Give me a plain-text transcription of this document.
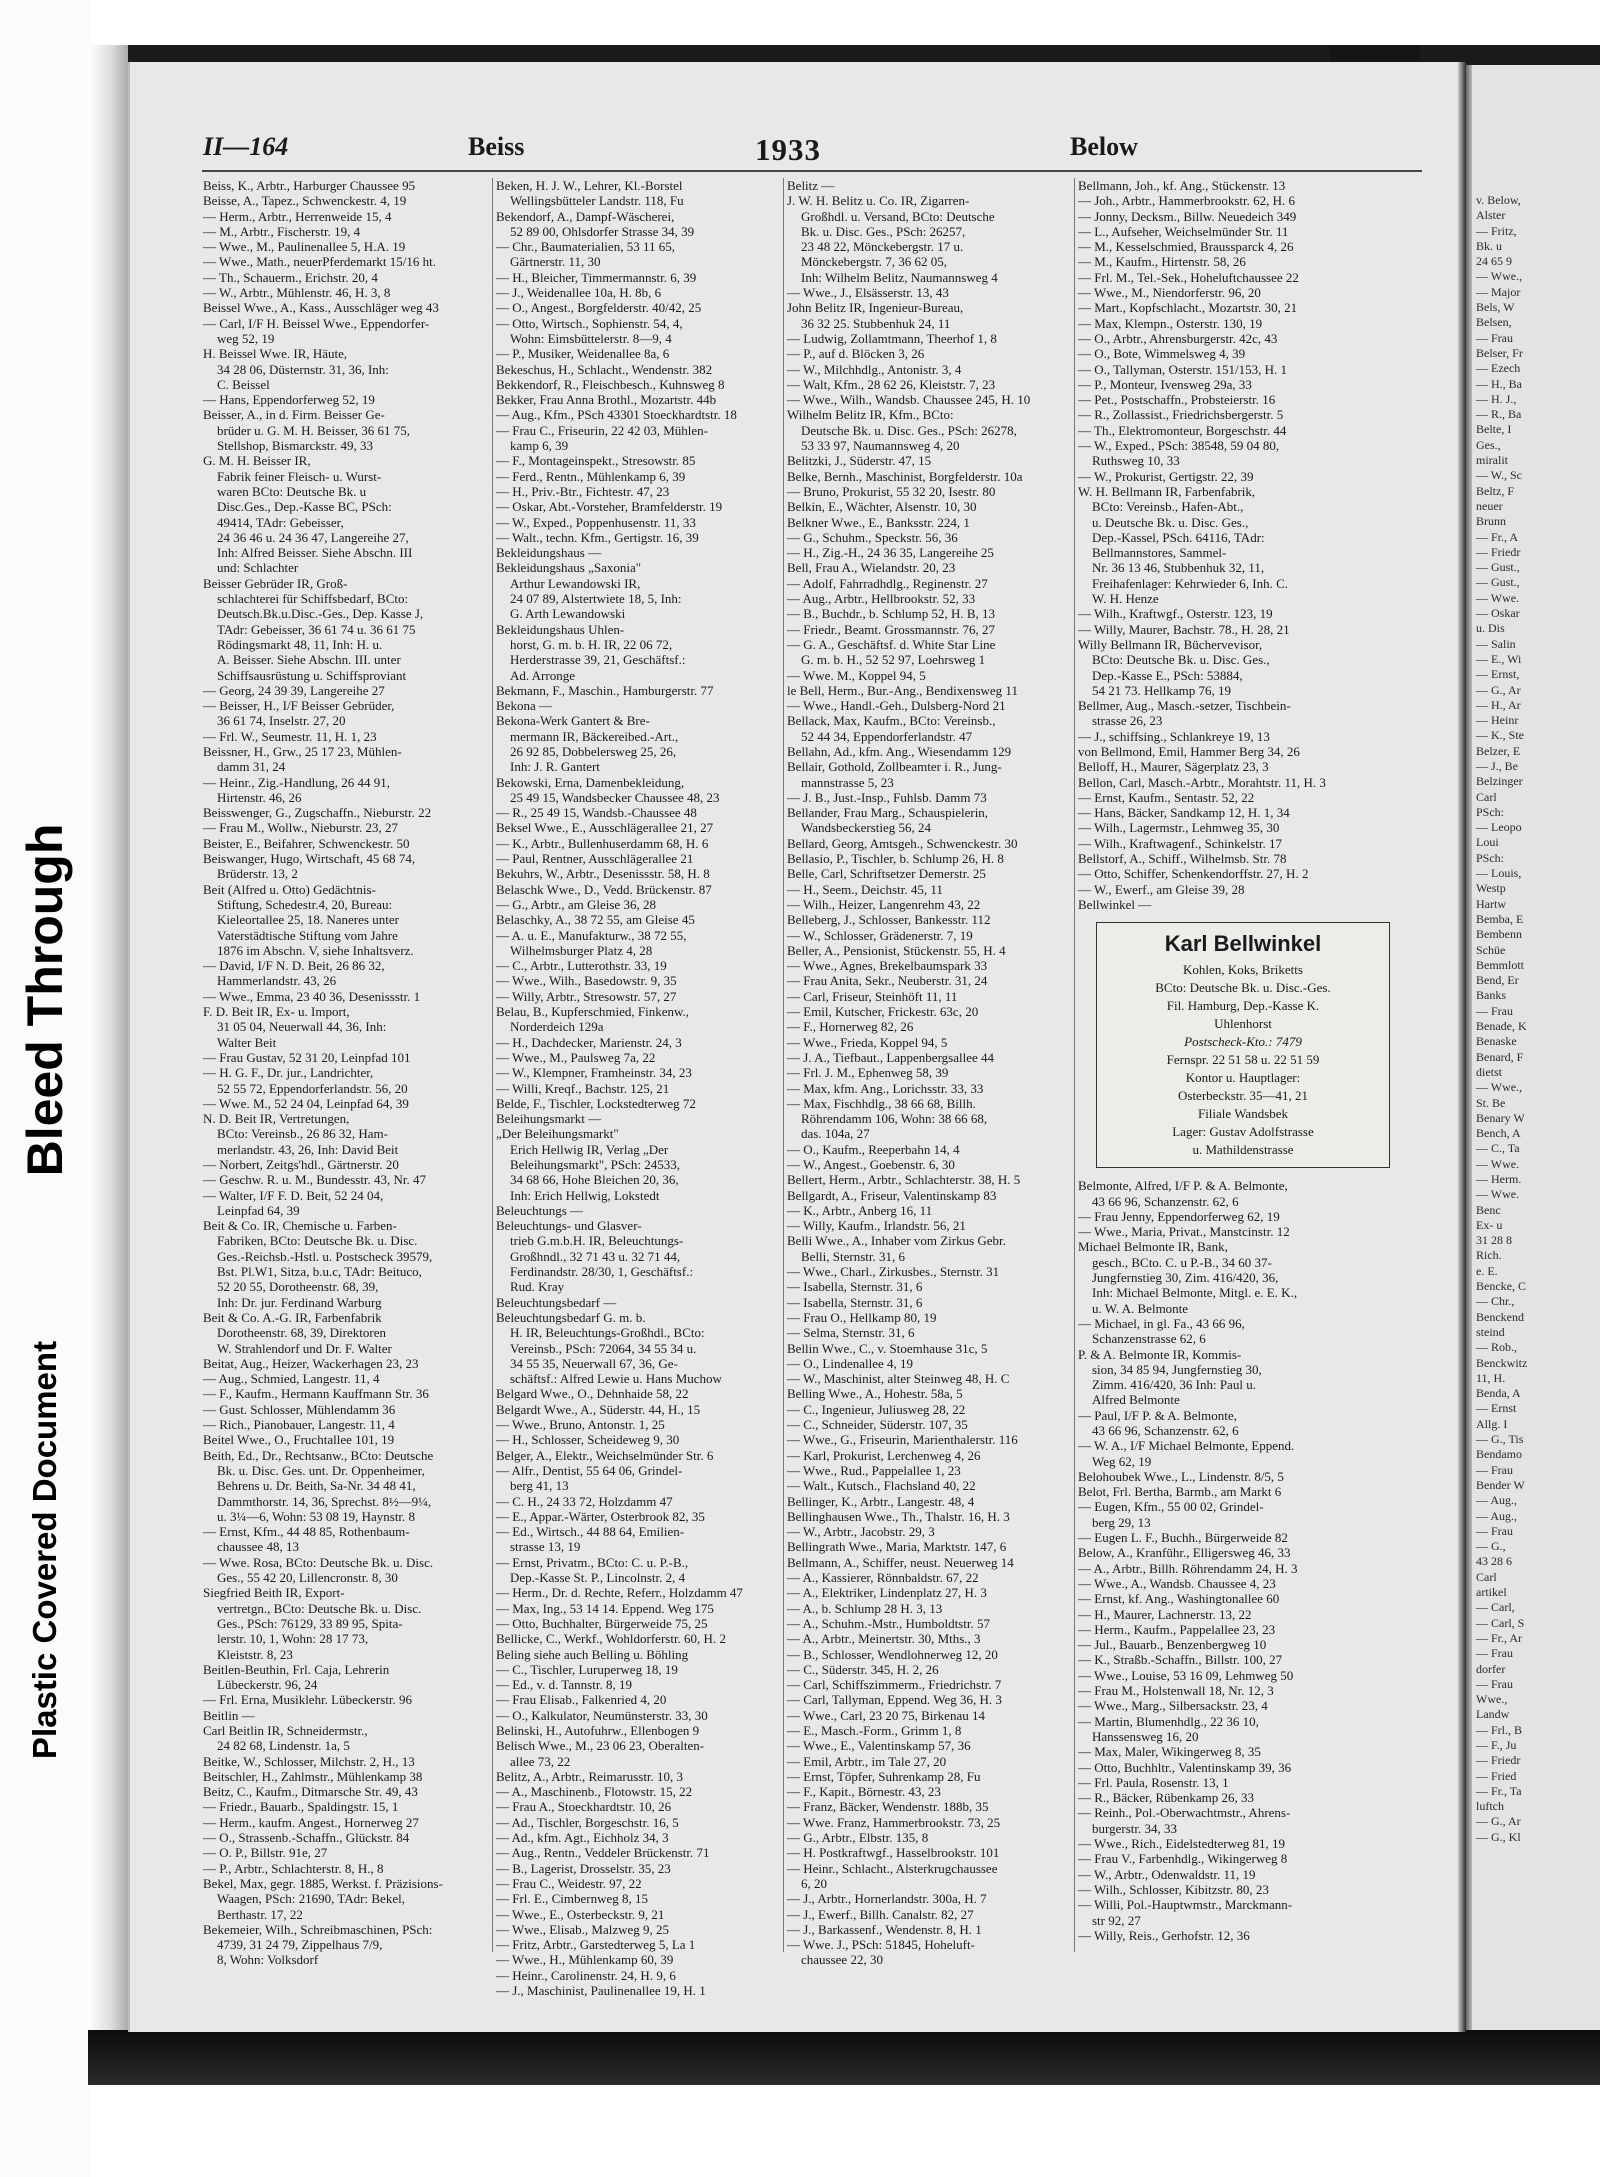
Bleed Through
Plastic Covered Document
v. Below,
Alster
— Fritz,
Bk. u
24 65 9
— Wwe.,
— Major
Bels, W
Belsen,
— Frau
Belser, Fr
— Ezech
— H., Ba
— H. J.,
— R., Ba
Belte, I
Ges.,
miralit
— W., Sc
Beltz, F
neuer
Brunn
— Fr., A
— Friedr
— Gust.,
— Gust.,
— Wwe.
— Oskar
u. Dis
— Salin
— E., Wi
— Ernst,
— G., Ar
— H., Ar
— Heinr
— K., Ste
Belzer, E
— J., Be
Belzinger
Carl
PSch:
— Leopo
Loui
PSch:
— Louis,
Westp
Hartw
Bemba, E
Bembenn
Schüe
Bemmlott
Bend, Er
Banks
— Frau
Benade, K
Benaske
Benard, F
dietst
— Wwe.,
St. Be
Benary W
Bench, A
— C., Ta
— Wwe.
— Herm.
— Wwe.
Benc
Ex- u
31 28 8
Rich.
e. E.
Bencke, C
— Chr.,
Benckend
steind
— Rob.,
Benckwitz
11, H.
Benda, A
— Ernst
Allg. I
— G., Tis
Bendamo
— Frau
Bender W
— Aug.,
— Aug.,
— Frau
— G.,
43 28 6
Carl
artikel
— Carl,
— Carl, S
— Fr., Ar
— Frau
dorfer
— Frau
Wwe.,
Landw
— Frl., B
— F., Ju
— Friedr
— Fried
— Fr., Ta
luftch
— G., Ar
— G., Kl
II—164	Beiss	1933	Below
Beiss, K., Arbtr., Harburger Chaussee 95
Beisse, A., Tapez., Schwenckestr. 4, 19
— Herm., Arbtr., Herrenweide 15, 4
— M., Arbtr., Fischerstr. 19, 4
— Wwe., M., Paulinenallee 5, H.A. 19
— Wwe., Math., neuerPferdemarkt 15/16 ht.
— Th., Schauerm., Erichstr. 20, 4
— W., Arbtr., Mühlenstr. 46, H. 3, 8
Beissel Wwe., A., Kass., Ausschläger weg 43
— Carl, I/F H. Beissel Wwe., Eppendorfer-
weg 52, 19
H. Beissel Wwe. IR, Häute,
34 28 06, Düsternstr. 31, 36, Inh:
C. Beissel
— Hans, Eppendorferweg 52, 19
Beisser, A., in d. Firm. Beisser Ge-
brüder u. G. M. H. Beisser, 36 61 75,
Stellshop, Bismarckstr. 49, 33
G. M. H. Beisser IR,
Fabrik feiner Fleisch- u. Wurst-
waren BCto: Deutsche Bk. u
Disc.Ges., Dep.-Kasse BC, PSch:
49414, TAdr: Gebeisser,
24 36 46 u. 24 36 47, Langereihe 27,
Inh: Alfred Beisser. Siehe Abschn. III
und: Schlachter
Beisser Gebrüder IR, Groß-
schlachterei für Schiffsbedarf, BCto:
Deutsch.Bk.u.Disc.-Ges., Dep. Kasse J,
TAdr: Gebeisser, 36 61 74 u. 36 61 75
Rödingsmarkt 48, 11, Inh: H. u.
A. Beisser. Siehe Abschn. III. unter
Schiffsausrüstung u. Schiffsproviant
— Georg, 24 39 39, Langereihe 27
— Beisser, H., I/F Beisser Gebrüder,
36 61 74, Inselstr. 27, 20
— Frl. W., Seumestr. 11, H. 1, 23
Beissner, H., Grw., 25 17 23, Mühlen-
damm 31, 24
— Heinr., Zig.-Handlung, 26 44 91,
Hirtenstr. 46, 26
Beisswenger, G., Zugschaffn., Nieburstr. 22
— Frau M., Wollw., Nieburstr. 23, 27
Beister, E., Beifahrer, Schwenckestr. 50
Beiswanger, Hugo, Wirtschaft, 45 68 74,
Brüderstr. 13, 2
Beit (Alfred u. Otto) Gedächtnis-
Stiftung, Schedestr.4, 20, Bureau:
Kieleortallee 25, 18. Naneres unter
Vaterstädtische Stiftung vom Jahre
1876 im Abschn. V, siehe Inhaltsverz.
— David, I/F N. D. Beit, 26 86 32,
Hammerlandstr. 43, 26
— Wwe., Emma, 23 40 36, Desenissstr. 1
F. D. Beit IR, Ex- u. Import,
31 05 04, Neuerwall 44, 36, Inh:
Walter Beit
— Frau Gustav, 52 31 20, Leinpfad 101
— H. G. F., Dr. jur., Landrichter,
52 55 72, Eppendorferlandstr. 56, 20
— Wwe. M., 52 24 04, Leinpfad 64, 39
N. D. Beit IR, Vertretungen,
BCto: Vereinsb., 26 86 32, Ham-
merlandstr. 43, 26, Inh: David Beit
— Norbert, Zeitgs'hdl., Gärtnerstr. 20
— Geschw. R. u. M., Bundesstr. 43, Nr. 47
— Walter, I/F F. D. Beit, 52 24 04,
Leinpfad 64, 39
Beit & Co. IR, Chemische u. Farben-
Fabriken, BCto: Deutsche Bk. u. Disc.
Ges.-Reichsb.-Hstl. u. Postscheck 39579,
Bst. Pl.W1, Sitza, b.u.c, TAdr: Beituco,
52 20 55, Dorotheenstr. 68, 39,
Inh: Dr. jur. Ferdinand Warburg
Beit & Co. A.-G. IR, Farbenfabrik
Dorotheenstr. 68, 39, Direktoren
W. Strahlendorf und Dr. F. Walter
Beitat, Aug., Heizer, Wackerhagen 23, 23
— Aug., Schmied, Langestr. 11, 4
— F., Kaufm., Hermann Kauffmann Str. 36
— Gust. Schlosser, Mühlendamm 36
— Rich., Pianobauer, Langestr. 11, 4
Beitel Wwe., O., Fruchtallee 101, 19
Beith, Ed., Dr., Rechtsanw., BCto: Deutsche
Bk. u. Disc. Ges. unt. Dr. Oppenheimer,
Behrens u. Dr. Beith, Sa-Nr. 34 48 41,
Dammthorstr. 14, 36, Sprechst. 8½—9¼,
u. 3¼—6, Wohn: 53 08 19, Haynstr. 8
— Ernst, Kfm., 44 48 85, Rothenbaum-
chaussee 48, 13
— Wwe. Rosa, BCto: Deutsche Bk. u. Disc.
Ges., 55 42 20, Lillencronstr. 8, 30
Siegfried Beith IR, Export-
vertretgn., BCto: Deutsche Bk. u. Disc.
Ges., PSch: 76129, 33 89 95, Spita-
lerstr. 10, 1, Wohn: 28 17 73,
Kleiststr. 8, 23
Beitlen-Beuthin, Frl. Caja, Lehrerin
Lübeckerstr. 96, 24
— Frl. Erna, Musiklehr. Lübeckerstr. 96
Beitlin —
Carl Beitlin IR, Schneidermstr.,
24 82 68, Lindenstr. 1a, 5
Beitke, W., Schlosser, Milchstr. 2, H., 13
Beitschler, H., Zahlmstr., Mühlenkamp 38
Beitz, C., Kaufm., Ditmarsche Str. 49, 43
— Friedr., Bauarb., Spaldingstr. 15, 1
— Herm., kaufm. Angest., Hornerweg 27
— O., Strassenb.-Schaffn., Glückstr. 84
— O. P., Billstr. 91e, 27
— P., Arbtr., Schlachterstr. 8, H., 8
Bekel, Max, gegr. 1885, Werkst. f. Präzisions-
Waagen, PSch: 21690, TAdr: Bekel,
Berthastr. 17, 22
Bekemeier, Wilh., Schreibmaschinen, PSch:
4739, 31 24 79, Zippelhaus 7/9,
8, Wohn: Volksdorf
Beken, H. J. W., Lehrer, Kl.-Borstel
Wellingsbütteler Landstr. 118, Fu
Bekendorf, A., Dampf-Wäscherei,
52 89 00, Ohlsdorfer Strasse 34, 39
— Chr., Baumaterialien, 53 11 65,
Gärtnerstr. 11, 30
— H., Bleicher, Timmermannstr. 6, 39
— J., Weidenallee 10a, H. 8b, 6
— O., Angest., Borgfelderstr. 40/42, 25
— Otto, Wirtsch., Sophienstr. 54, 4,
Wohn: Eimsbüttelerstr. 8—9, 4
— P., Musiker, Weidenallee 8a, 6
Bekeschus, H., Schlacht., Wendenstr. 382
Bekkendorf, R., Fleischbesch., Kuhnsweg 8
Bekker, Frau Anna Brothl., Mozartstr. 44b
— Aug., Kfm., PSch 43301 Stoeckhardtstr. 18
— Frau C., Friseurin, 22 42 03, Mühlen-
kamp 6, 39
— F., Montageinspekt., Stresowstr. 85
— Ferd., Rentn., Mühlenkamp 6, 39
— H., Priv.-Btr., Fichtestr. 47, 23
— Oskar, Abt.-Vorsteher, Bramfelderstr. 19
— W., Exped., Poppenhusenstr. 11, 33
— Walt., techn. Kfm., Gertigstr. 16, 39
Bekleidungshaus —
Bekleidungshaus „Saxonia"
Arthur Lewandowski IR,
24 07 89, Alstertwiete 18, 5, Inh:
G. Arth Lewandowski
Bekleidungshaus Uhlen-
horst, G. m. b. H. IR, 22 06 72,
Herderstrasse 39, 21, Geschäftsf.:
Ad. Arronge
Bekmann, F., Maschin., Hamburgerstr. 77
Bekona —
Bekona-Werk Gantert & Bre-
mermann IR, Bäckereibed.-Art.,
26 92 85, Dobbelersweg 25, 26,
Inh: J. R. Gantert
Bekowski, Erna, Damenbekleidung,
25 49 15, Wandsbecker Chaussee 48, 23
— R., 25 49 15, Wandsb.-Chaussee 48
Beksel Wwe., E., Ausschlägerallee 21, 27
— K., Arbtr., Bullenhuserdamm 68, H. 6
— Paul, Rentner, Ausschlägerallee 21
Bekuhrs, W., Arbtr., Desenissstr. 58, H. 8
Belaschk Wwe., D., Vedd. Brückenstr. 87
— G., Arbtr., am Gleise 36, 28
Belaschky, A., 38 72 55, am Gleise 45
— A. u. E., Manufakturw., 38 72 55,
Wilhelmsburger Platz 4, 28
— C., Arbtr., Lutterothstr. 33, 19
— Wwe., Wilh., Basedowstr. 9, 35
— Willy, Arbtr., Stresowstr. 57, 27
Belau, B., Kupferschmied, Finkenw.,
Norderdeich 129a
— H., Dachdecker, Marienstr. 24, 3
— Wwe., M., Paulsweg 7a, 22
— W., Klempner, Framheinstr. 34, 23
— Willi, Kreqf., Bachstr. 125, 21
Belde, F., Tischler, Lockstedterweg 72
Beleihungsmarkt —
„Der Beleihungsmarkt"
Erich Hellwig IR, Verlag „Der
Beleihungsmarkt", PSch: 24533,
34 68 66, Hohe Bleichen 20, 36,
Inh: Erich Hellwig, Lokstedt
Beleuchtungs —
Beleuchtungs- und Glasver-
trieb G.m.b.H. IR, Beleuchtungs-
Großhndl., 32 71 43 u. 32 71 44,
Ferdinandstr. 28/30, 1, Geschäftsf.:
Rud. Kray
Beleuchtungsbedarf —
Beleuchtungsbedarf G. m. b.
H. IR, Beleuchtungs-Großhdl., BCto:
Vereinsb., PSch: 72064, 34 55 34 u.
34 55 35, Neuerwall 67, 36, Ge-
schäftsf.: Alfred Lewie u. Hans Muchow
Belgard Wwe., O., Dehnhaide 58, 22
Belgardt Wwe., A., Süderstr. 44, H., 15
— Wwe., Bruno, Antonstr. 1, 25
— H., Schlosser, Scheideweg 9, 30
Belger, A., Elektr., Weichselmünder Str. 6
— Alfr., Dentist, 55 64 06, Grindel-
berg 41, 13
— C. H., 24 33 72, Holzdamm 47
— E., Appar.-Wärter, Osterbrook 82, 35
— Ed., Wirtsch., 44 88 64, Emilien-
strasse 13, 19
— Ernst, Privatm., BCto: C. u. P.-B.,
Dep.-Kasse St. P., Lincolnstr. 2, 4
— Herm., Dr. d. Rechte, Referr., Holzdamm 47
— Max, Ing., 53 14 14. Eppend. Weg 175
— Otto, Buchhalter, Bürgerweide 75, 25
Bellicke, C., Werkf., Wohldorferstr. 60, H. 2
Beling siehe auch Belling u. Böhling
— C., Tischler, Luruperweg 18, 19
— Ed., v. d. Tannstr. 8, 19
— Frau Elisab., Falkenried 4, 20
— O., Kalkulator, Neumünsterstr. 33, 30
Belinski, H., Autofuhrw., Ellenbogen 9
Belisch Wwe., M., 23 06 23, Oberalten-
allee 73, 22
Belitz, A., Arbtr., Reimarusstr. 10, 3
— A., Maschinenb., Flotowstr. 15, 22
— Frau A., Stoeckhardtstr. 10, 26
— Ad., Tischler, Borgeschstr. 16, 5
— Ad., kfm. Agt., Eichholz 34, 3
— Aug., Rentn., Veddeler Brückenstr. 71
— B., Lagerist, Drosselstr. 35, 23
— Frau C., Weidestr. 97, 22
— Frl. E., Cimbernweg 8, 15
— Wwe., E., Osterbeckstr. 9, 21
— Wwe., Elisab., Malzweg 9, 25
— Fritz, Arbtr., Garstedterweg 5, La 1
— Wwe., H., Mühlenkamp 60, 39
— Heinr., Carolinenstr. 24, H. 9, 6
— J., Maschinist, Paulinenallee 19, H. 1
Belitz —
J. W. H. Belitz u. Co. IR, Zigarren-
Großhdl. u. Versand, BCto: Deutsche
Bk. u. Disc. Ges., PSch: 26257,
23 48 22, Mönckebergstr. 17 u.
Mönckebergstr. 7, 36 62 05,
Inh: Wilhelm Belitz, Naumannsweg 4
— Wwe., J., Elsässerstr. 13, 43
John Belitz IR, Ingenieur-Bureau,
36 32 25. Stubbenhuk 24, 11
— Ludwig, Zollamtmann, Theerhof 1, 8
— P., auf d. Blöcken 3, 26
— W., Milchhdlg., Antonistr. 3, 4
— Walt, Kfm., 28 62 26, Kleiststr. 7, 23
— Wwe., Wilh., Wandsb. Chaussee 245, H. 10
Wilhelm Belitz IR, Kfm., BCto:
Deutsche Bk. u. Disc. Ges., PSch: 26278,
53 33 97, Naumannsweg 4, 20
Belitzki, J., Süderstr. 47, 15
Belke, Bernh., Maschinist, Borgfelderstr. 10a
— Bruno, Prokurist, 55 32 20, Isestr. 80
Belkin, E., Wächter, Alsenstr. 10, 30
Belkner Wwe., E., Banksstr. 224, 1
— G., Schuhm., Speckstr. 56, 36
— H., Zig.-H., 24 36 35, Langereihe 25
Bell, Frau A., Wielandstr. 20, 23
— Adolf, Fahrradhdlg., Reginenstr. 27
— Aug., Arbtr., Hellbrookstr. 52, 33
— B., Buchdr., b. Schlump 52, H. B, 13
— Friedr., Beamt. Grossmannstr. 76, 27
— G. A., Geschäftsf. d. White Star Line
G. m. b. H., 52 52 97, Loehrsweg 1
— Wwe. M., Koppel 94, 5
le Bell, Herm., Bur.-Ang., Bendixensweg 11
— Wwe., Handl.-Geh., Dulsberg-Nord 21
Bellack, Max, Kaufm., BCto: Vereinsb.,
52 44 34, Eppendorferlandstr. 47
Bellahn, Ad., kfm. Ang., Wiesendamm 129
Bellair, Gothold, Zollbeamter i. R., Jung-
mannstrasse 5, 23
— J. B., Just.-Insp., Fuhlsb. Damm 73
Bellander, Frau Marg., Schauspielerin,
Wandsbeckerstieg 56, 24
Bellard, Georg, Amtsgeh., Schwenckestr. 30
Bellasio, P., Tischler, b. Schlump 26, H. 8
Belle, Carl, Schriftsetzer Demerstr. 25
— H., Seem., Deichstr. 45, 11
— Wilh., Heizer, Langenrehm 43, 22
Belleberg, J., Schlosser, Bankesstr. 112
— W., Schlosser, Grädenerstr. 7, 19
Beller, A., Pensionist, Stückenstr. 55, H. 4
— Wwe., Agnes, Brekelbaumspark 33
— Frau Anita, Sekr., Neuberstr. 31, 24
— Carl, Friseur, Steinhöft 11, 11
— Emil, Kutscher, Frickestr. 63c, 20
— F., Hornerweg 82, 26
— Wwe., Frieda, Koppel 94, 5
— J. A., Tiefbaut., Lappenbergsallee 44
— Frl. J. M., Ephenweg 58, 39
— Max, kfm. Ang., Lorichsstr. 33, 33
— Max, Fischhdlg., 38 66 68, Billh.
Röhrendamm 106, Wohn: 38 66 68,
das. 104a, 27
— O., Kaufm., Reeperbahn 14, 4
— W., Angest., Goebenstr. 6, 30
Bellert, Herm., Arbtr., Schlachterstr. 38, H. 5
Bellgardt, A., Friseur, Valentinskamp 83
— K., Arbtr., Anberg 16, 11
— Willy, Kaufm., Irlandstr. 56, 21
Belli Wwe., A., Inhaber vom Zirkus Gebr.
Belli, Sternstr. 31, 6
— Wwe., Charl., Zirkusbes., Sternstr. 31
— Isabella, Sternstr. 31, 6
— Isabella, Sternstr. 31, 6
— Frau O., Hellkamp 80, 19
— Selma, Sternstr. 31, 6
Bellin Wwe., C., v. Stoemhause 31c, 5
— O., Lindenallee 4, 19
— W., Maschinist, alter Steinweg 48, H. C
Belling Wwe., A., Hohestr. 58a, 5
— C., Ingenieur, Juliusweg 28, 22
— C., Schneider, Süderstr. 107, 35
— Wwe., G., Friseurin, Marienthalerstr. 116
— Karl, Prokurist, Lerchenweg 4, 26
— Wwe., Rud., Pappelallee 1, 23
— Walt., Kutsch., Flachsland 40, 22
Bellinger, K., Arbtr., Langestr. 48, 4
Bellinghausen Wwe., Th., Thalstr. 16, H. 3
— W., Arbtr., Jacobstr. 29, 3
Bellingrath Wwe., Maria, Marktstr. 147, 6
Bellmann, A., Schiffer, neust. Neuerweg 14
— A., Kassierer, Rönnbaldstr. 67, 22
— A., Elektriker, Lindenplatz 27, H. 3
— A., b. Schlump 28 H. 3, 13
— A., Schuhm.-Mstr., Humboldtstr. 57
— A., Arbtr., Meinertstr. 30, Mths., 3
— B., Schlosser, Wendlohnerweg 12, 20
— C., Süderstr. 345, H. 2, 26
— Carl, Schiffszimmerm., Friedrichstr. 7
— Carl, Tallyman, Eppend. Weg 36, H. 3
— Wwe., Carl, 23 20 75, Birkenau 14
— E., Masch.-Form., Grimm 1, 8
— Wwe., E., Valentinskamp 57, 36
— Emil, Arbtr., im Tale 27, 20
— Ernst, Töpfer, Suhrenkamp 28, Fu
— F., Kapit., Börnestr. 43, 23
— Franz, Bäcker, Wendenstr. 188b, 35
— Wwe. Franz, Hammerbrookstr. 73, 25
— G., Arbtr., Elbstr. 135, 8
— H. Postkraftwgf., Hasselbrookstr. 101
— Heinr., Schlacht., Alsterkrugchaussee
6, 20
— J., Arbtr., Hornerlandstr. 300a, H. 7
— J., Ewerf., Billh. Canalstr. 82, 27
— J., Barkassenf., Wendenstr. 8, H. 1
— Wwe. J., PSch: 51845, Hoheluft-
chaussee 22, 30
Bellmann, Joh., kf. Ang., Stückenstr. 13
— Joh., Arbtr., Hammerbrookstr. 62, H. 6
— Jonny, Decksm., Billw. Neuedeich 349
— L., Aufseher, Weichselmünder Str. 11
— M., Kesselschmied, Braussparck 4, 26
— M., Kaufm., Hirtenstr. 58, 26
— Frl. M., Tel.-Sek., Hoheluftchaussee 22
— Wwe., M., Niendorferstr. 96, 20
— Mart., Kopfschlacht., Mozartstr. 30, 21
— Max, Klempn., Osterstr. 130, 19
— O., Arbtr., Ahrensburgerstr. 42c, 43
— O., Bote, Wimmelsweg 4, 39
— O., Tallyman, Osterstr. 151/153, H. 1
— P., Monteur, Ivensweg 29a, 33
— Pet., Postschaffn., Probsteierstr. 16
— R., Zollassist., Friedrichsbergerstr. 5
— Th., Elektromonteur, Borgeschstr. 44
— W., Exped., PSch: 38548, 59 04 80,
Ruthsweg 10, 33
— W., Prokurist, Gertigstr. 22, 39
W. H. Bellmann IR, Farbenfabrik,
BCto: Vereinsb., Hafen-Abt.,
u. Deutsche Bk. u. Disc. Ges.,
Dep.-Kassel, PSch. 64116, TAdr:
Bellmannstores, Sammel-
Nr. 36 13 46, Stubbenhuk 32, 11,
Freihafenlager: Kehrwieder 6, Inh. C.
W. H. Henze
— Wilh., Kraftwgf., Osterstr. 123, 19
— Willy, Maurer, Bachstr. 78., H. 28, 21
Willy Bellmann IR, Büchervevisor,
BCto: Deutsche Bk. u. Disc. Ges.,
Dep.-Kasse E., PSch: 53884,
54 21 73. Hellkamp 76, 19
Bellmer, Aug., Masch.-setzer, Tischbein-
strasse 26, 23
— J., schiffsing., Schlankreye 19, 13
von Bellmond, Emil, Hammer Berg 34, 26
Belloff, H., Maurer, Sägerplatz 23, 3
Bellon, Carl, Masch.-Arbtr., Morahtstr. 11, H. 3
— Ernst, Kaufm., Sentastr. 52, 22
— Hans, Bäcker, Sandkamp 12, H. 1, 34
— Wilh., Lagermstr., Lehmweg 35, 30
— Wilh., Kraftwagenf., Schinkelstr. 17
Bellstorf, A., Schiff., Wilhelmsb. Str. 78
— Otto, Schiffer, Schenkendorffstr. 27, H. 2
— W., Ewerf., am Gleise 39, 28
Bellwinkel —
Karl Bellwinkel
Kohlen, Koks, Briketts
BCto: Deutsche Bk. u. Disc.-Ges.
Fil. Hamburg, Dep.-Kasse K.
Uhlenhorst
Postscheck-Kto.: 7479
Fernspr. 22 51 58 u. 22 51 59
Kontor u. Hauptlager:
Osterbeckstr. 35—41, 21
Filiale Wandsbek
Lager: Gustav Adolfstrasse
u. Mathildenstrasse
Belmonte, Alfred, I/F P. & A. Belmonte,
43 66 96, Schanzenstr. 62, 6
— Frau Jenny, Eppendorferweg 62, 19
— Wwe., Maria, Privat., Manstcinstr. 12
Michael Belmonte IR, Bank,
gesch., BCto. C. u P.-B., 34 60 37-
Jungfernstieg 30, Zim. 416/420, 36,
Inh: Michael Belmonte, Mitgl. e. E. K.,
u. W. A. Belmonte
— Michael, in gl. Fa., 43 66 96,
Schanzenstrasse 62, 6
P. & A. Belmonte IR, Kommis-
sion, 34 85 94, Jungfernstieg 30,
Zimm. 416/420, 36 Inh: Paul u.
Alfred Belmonte
— Paul, I/F P. & A. Belmonte,
43 66 96, Schanzenstr. 62, 6
— W. A., I/F Michael Belmonte, Eppend.
Weg 62, 19
Belohoubek Wwe., L., Lindenstr. 8/5, 5
Belot, Frl. Bertha, Barmb., am Markt 6
— Eugen, Kfm., 55 00 02, Grindel-
berg 29, 13
— Eugen L. F., Buchh., Bürgerweide 82
Below, A., Kranführ., Elligersweg 46, 33
— A., Arbtr., Billh. Röhrendamm 24, H. 3
— Wwe., A., Wandsb. Chaussee 4, 23
— Ernst, kf. Ang., Washingtonallee 60
— H., Maurer, Lachnerstr. 13, 22
— Herm., Kaufm., Pappelallee 23, 23
— Jul., Bauarb., Benzenbergweg 10
— K., Straßb.-Schaffn., Billstr. 100, 27
— Wwe., Louise, 53 16 09, Lehmweg 50
— Frau M., Holstenwall 18, Nr. 12, 3
— Wwe., Marg., Silbersackstr. 23, 4
— Martin, Blumenhdlg., 22 36 10,
Hanssensweg 16, 20
— Max, Maler, Wikingerweg 8, 35
— Otto, Buchhltr., Valentinskamp 39, 36
— Frl. Paula, Rosenstr. 13, 1
— R., Bäcker, Rübenkamp 26, 33
— Reinh., Pol.-Oberwachtmstr., Ahrens-
burgerstr. 34, 33
— Wwe., Rich., Eidelstedterweg 81, 19
— Frau V., Farbenhdlg., Wikingerweg 8
— W., Arbtr., Odenwaldstr. 11, 19
— Wilh., Schlosser, Kibitzstr. 80, 23
— Willi, Pol.-Hauptwmstr., Marckmann-
str 92, 27
— Willy, Reis., Gerhofstr. 12, 36
